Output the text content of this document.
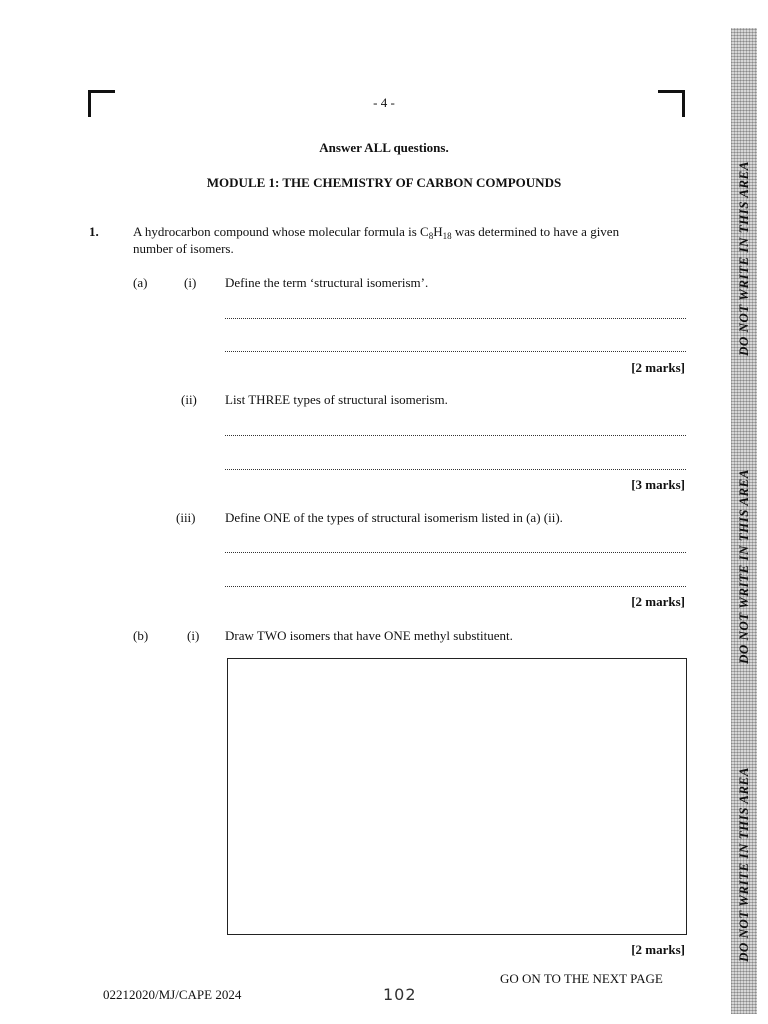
- 4 -
Answer ALL questions.
MODULE 1: THE CHEMISTRY OF CARBON COMPOUNDS
1.	A hydrocarbon compound whose molecular formula is $C_8H_{18}$ was determined to have a given
number of isomers.
(a)	(i) Define the term ‘structural isomerism’.
[2 marks]
(ii) List THREE types of structural isomerism.
[3 marks]
(iii) Define ONE of the types of structural isomerism listed in (a) (ii).
[2 marks]
(b)	(i) Draw TWO isomers that have ONE methyl substituent.
[2 marks]
GO ON TO THE NEXT PAGE
02212020/MJ/CAPE 2024	102
DO NOT WRITE IN THIS AREA
DO NOT WRITE IN THIS AREA
DO NOT WRITE IN THIS AREA
